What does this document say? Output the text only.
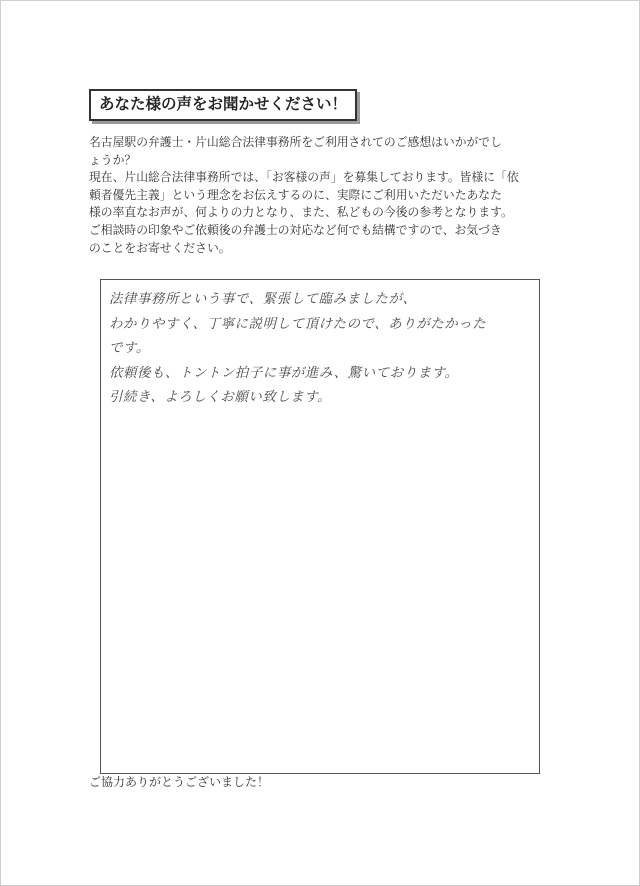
あなた様の声をお聞かせください！

名古屋駅の弁護士・片山総合法律事務所をご利用されてのご感想はいかがでし

ょうか？

現在、片山総合法律事務所では、「お客様の声」を募集しております。皆様に「依

頼者優先主義」という理念をお伝えするのに、実際にご利用いただいたあなた

様の率直なお声が、何よりの力となり、また、私どもの今後の参考となります。

ご相談時の印象やご依頼後の弁護士の対応など何でも結構ですので、お気づき

のことをお寄せください。

法律事務所という事で、緊張して臨みましたが、
わかりやすく、丁寧に説明して頂けたので、ありがたかった
です。
依頼後も、トントン拍子に事が進み、驚いております。
引続き、よろしくお願い致します。
ご協力ありがとうございました！
